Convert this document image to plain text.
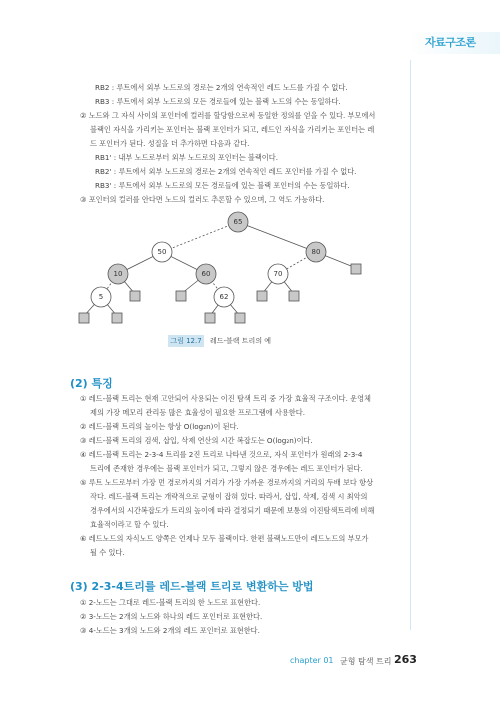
자료구조론
RB2 : 루트에서 외부 노드로의 경로는 2개의 연속적인 레드 노드를 가질 수 없다.
RB3 : 루트에서 외부 노드로의 모든 경로들에 있는 블랙 노드의 수는 동일하다.
② 노드와 그 자식 사이의 포인터에 컬러를 할당함으로써 동일한 정의를 얻을 수 있다. 부모에서
블랙인 자식을 가리키는 포인터는 블랙 포인터가 되고, 레드인 자식을 가리키는 포인터는 레
드 포인터가 된다. 성질을 더 추가하면 다음과 같다.
RB1' : 내부 노드로부터 외부 노드로의 포인터는 블랙이다.
RB2' : 루트에서 외부 노드로의 경로는 2개의 연속적인 레드 포인터를 가질 수 없다.
RB3' : 루트에서 외부 노드로의 모든 경로들에 있는 블랙 포인터의 수는 동일하다.
③ 포인터의 컬러를 안다면 노드의 컬러도 추론할 수 있으며, 그 역도 가능하다.
65
50	80
10	60	70
5	62
그림 12.7	레드-블랙 트리의 예
(2) 특징
① 레드-블랙 트리는 현재 고안되어 사용되는 이진 탐색 트리 중 가장 효율적 구조이다. 운영체
제의 가장 메모리 관리등 많은 효율성이 필요한 프로그램에 사용한다.
② 레드-블랙 트리의 높이는 항상 O(log₂n)이 된다.
③ 레드-블랙 트리의 검색, 삽입, 삭제 연산의 시간 복잡도는 O(log₂n)이다.
④ 레드-블랙 트리는 2-3-4 트리를 2진 트리로 나타낸 것으로, 자식 포인터가 원래의 2-3-4
트리에 존재한 경우에는 블랙 포인터가 되고, 그렇지 않은 경우에는 레드 포인터가 된다.
⑤ 루트 노드로부터 가장 먼 경로까지의 거리가 가장 가까운 경로까지의 거리의 두배 보다 항상
작다. 레드-블랙 트리는 개략적으로 균형이 잡혀 있다. 따라서, 삽입, 삭제, 검색 시 최악의
경우에서의 시간복잡도가 트리의 높이에 따라 결정되기 때문에 보통의 이진탐색트리에 비해
효율적이라고 할 수 있다.
⑥ 레드노드의 자식노드 양쪽은 언제나 모두 블랙이다. 한편 블랙노드만이 레드노드의 부모가
될 수 있다.
(3) 2-3-4트리를 레드-블랙 트리로 변환하는 방법
① 2-노드는 그대로 레드-블랙 트리의 한 노드로 표현한다.
② 3-노드는 2개의 노드와 하나의 레드 포인터로 표현한다.
③ 4-노드는 3개의 노드와 2개의 레드 포인터로 표현한다.
chapter 01 균형 탐색 트리 263
